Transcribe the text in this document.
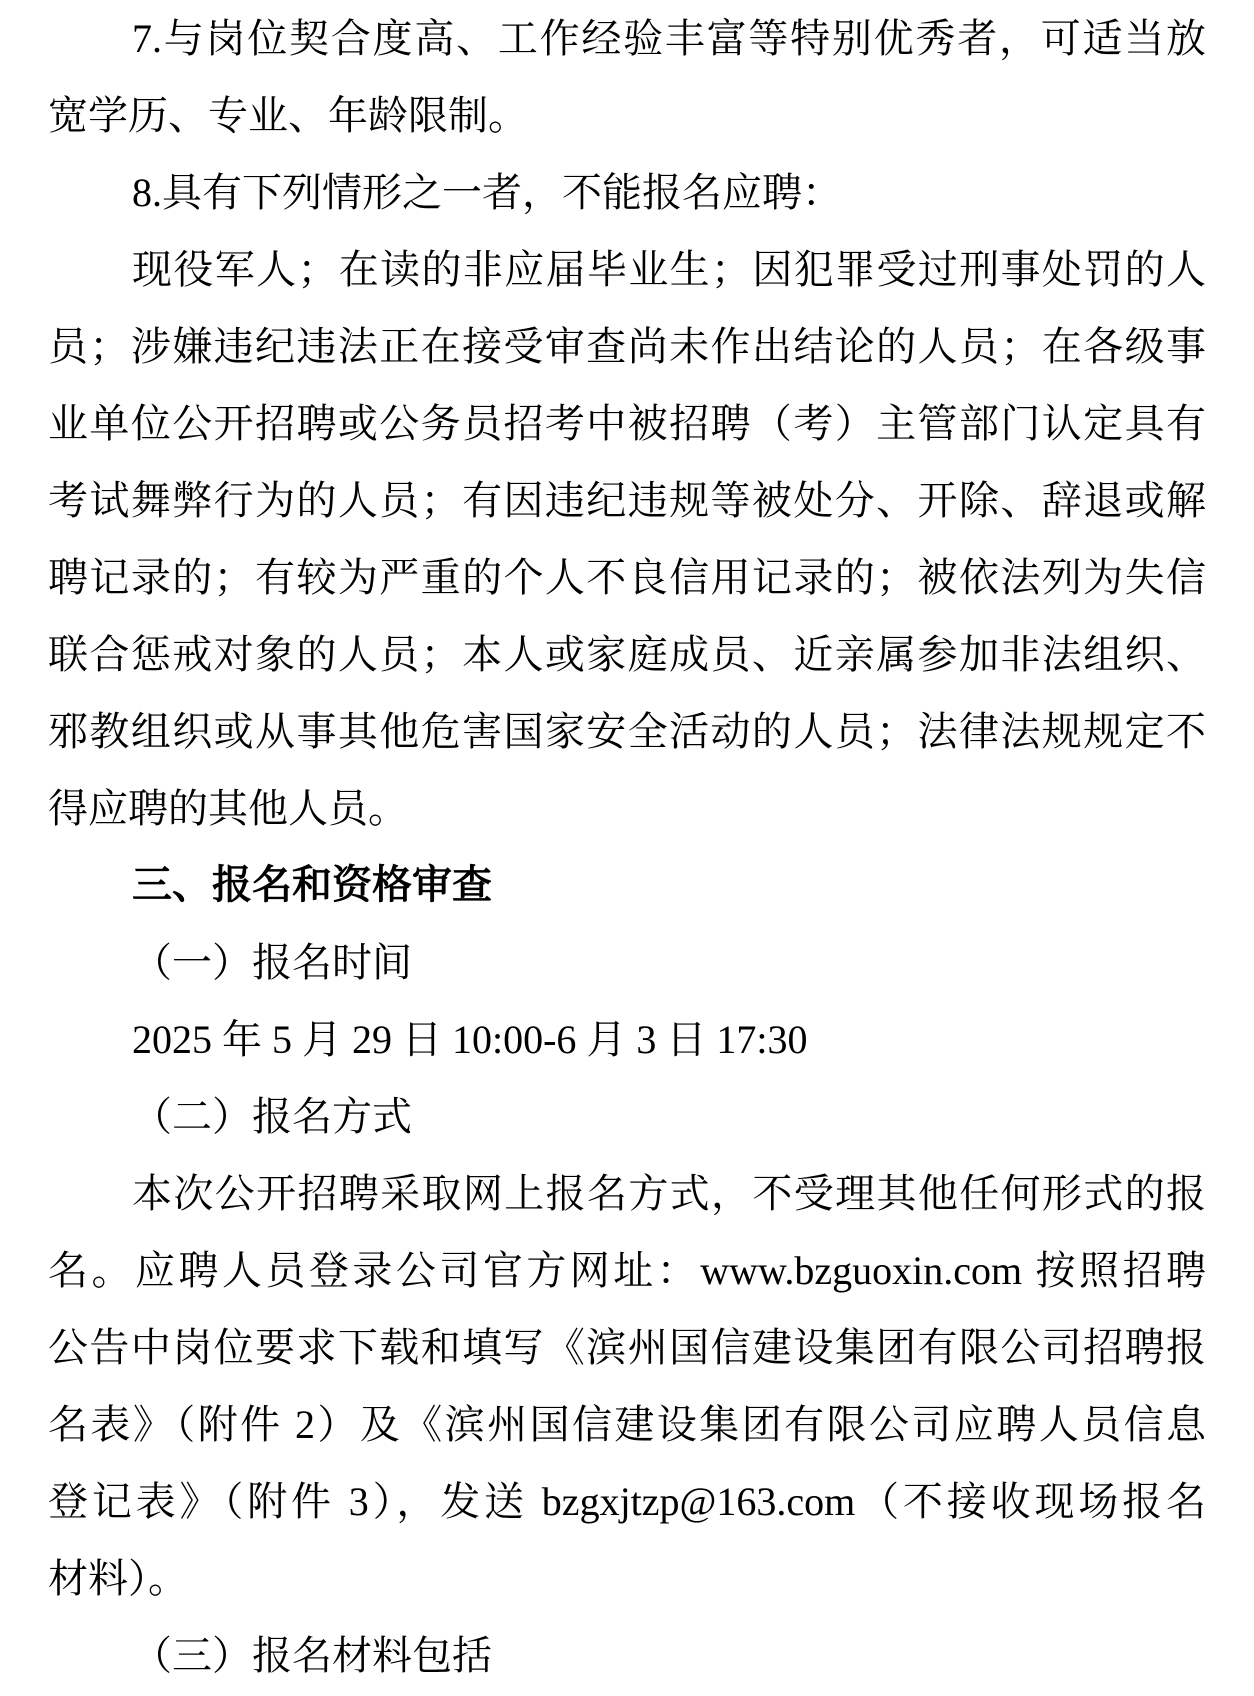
7.与岗位契合度高、工作经验丰富等特别优秀者，可适当放
宽学历、专业、年龄限制。
8.具有下列情形之一者，不能报名应聘：
现役军人；在读的非应届毕业生；因犯罪受过刑事处罚的人
员；涉嫌违纪违法正在接受审查尚未作出结论的人员；在各级事
业单位公开招聘或公务员招考中被招聘（考）主管部门认定具有
考试舞弊行为的人员；有因违纪违规等被处分、开除、辞退或解
聘记录的；有较为严重的个人不良信用记录的；被依法列为失信
联合惩戒对象的人员；本人或家庭成员、近亲属参加非法组织、
邪教组织或从事其他危害国家安全活动的人员；法律法规规定不
得应聘的其他人员。
三、报名和资格审查
（一）报名时间
2025 年 5 月 29 日 10:00-6 月 3 日 17:30
（二）报名方式
本次公开招聘采取网上报名方式，不受理其他任何形式的报
名。应聘人员登录公司官方网址：www.bzguoxin.com 按照招聘
公告中岗位要求下载和填写《滨州国信建设集团有限公司招聘报
名表》（附件 2）及《滨州国信建设集团有限公司应聘人员信息
登记表》（附件 3），发送 bzgxjtzp@163.com（不接收现场报名
材料）。
（三）报名材料包括
